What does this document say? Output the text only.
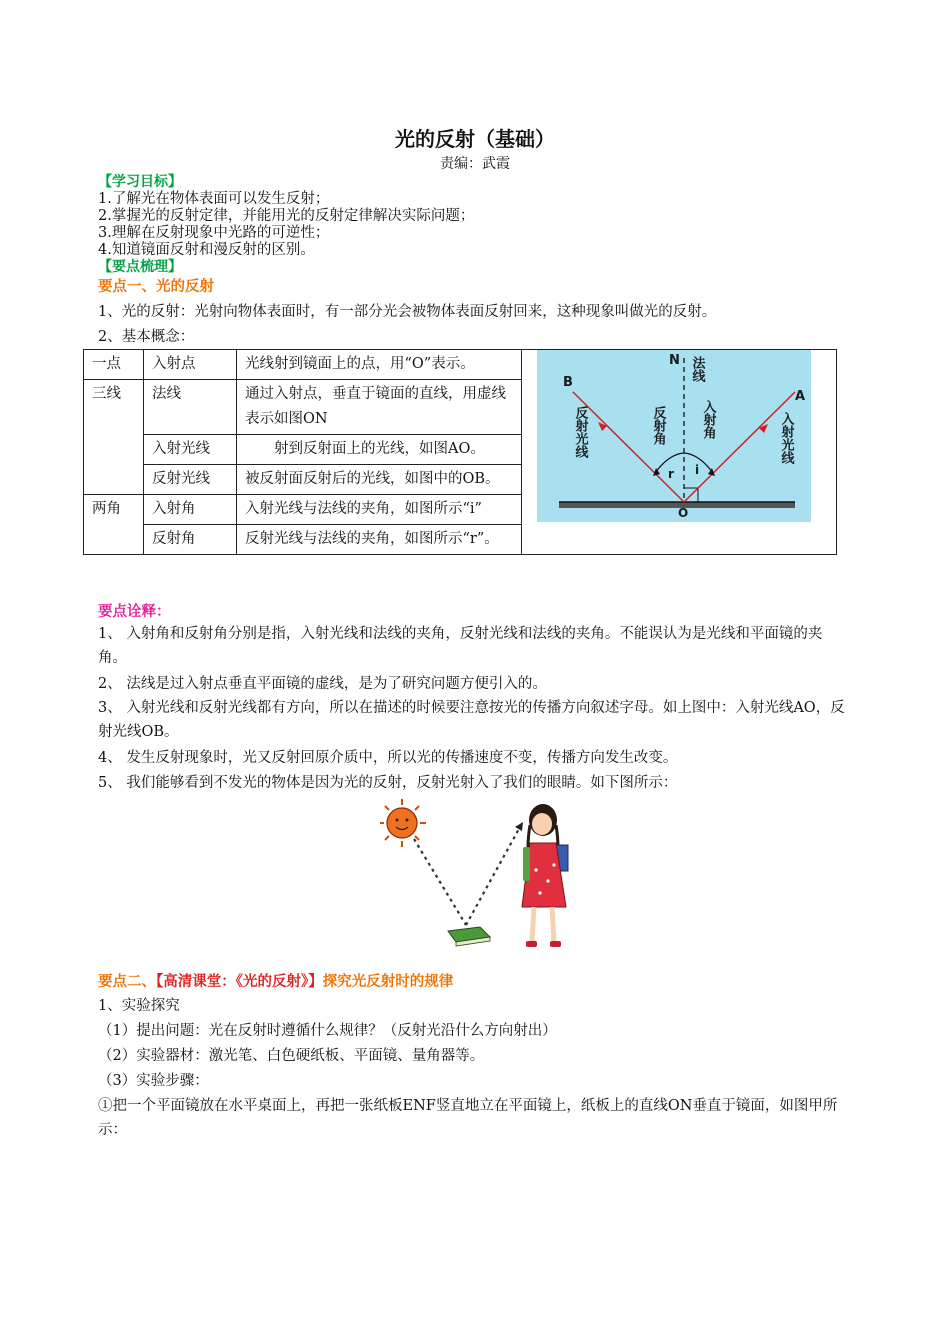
光的反射（基础）
责编：武霞
【学习目标】
1.了解光在物体表面可以发生反射；
2.掌握光的反射定律，并能用光的反射定律解决实际问题；
3.理解在反射现象中光路的可逆性；
4.知道镜面反射和漫反射的区别。
【要点梳理】
要点一、光的反射
1、光的反射：光射向物体表面时，有一部分光会被物体表面反射回来，这种现象叫做光的反射。
2、基本概念：
一点	入射点	光线射到镜面上的点，用“O”表示。	
三线	法线	通过入射点，垂直于镜面的直线，用虚线表示如图ON	
	入射光线	　　射到反射面上的光线，如图AO。	
	反射光线	被反射面反射后的光线，如图中的OB。	
两角	入射角	入射光线与法线的夹角，如图所示“i”	
	反射角	反射光线与法线的夹角，如图所示“r”。	
N
B
A
O
r i
法线
反射光线	反射角	入射角	入射光线
要点诠释：
1、 入射角和反射角分别是指，入射光线和法线的夹角，反射光线和法线的夹角。不能误认为是光线和平面镜的夹角。
2、 法线是过入射点垂直平面镜的虚线，是为了研究问题方便引入的。
3、 入射光线和反射光线都有方向，所以在描述的时候要注意按光的传播方向叙述字母。如上图中：入射光线AO，反射光线OB。
4、 发生反射现象时，光又反射回原介质中，所以光的传播速度不变，传播方向发生改变。
5、 我们能够看到不发光的物体是因为光的反射，反射光射入了我们的眼睛。如下图所示：
要点二、【高清课堂：《光的反射》】探究光反射时的规律
1、实验探究
（1）提出问题：光在反射时遵循什么规律？（反射光沿什么方向射出）
（2）实验器材：激光笔、白色硬纸板、平面镜、量角器等。
（3）实验步骤：
①把一个平面镜放在水平桌面上，再把一张纸板ENF竖直地立在平面镜上，纸板上的直线ON垂直于镜面，如图甲所示：
